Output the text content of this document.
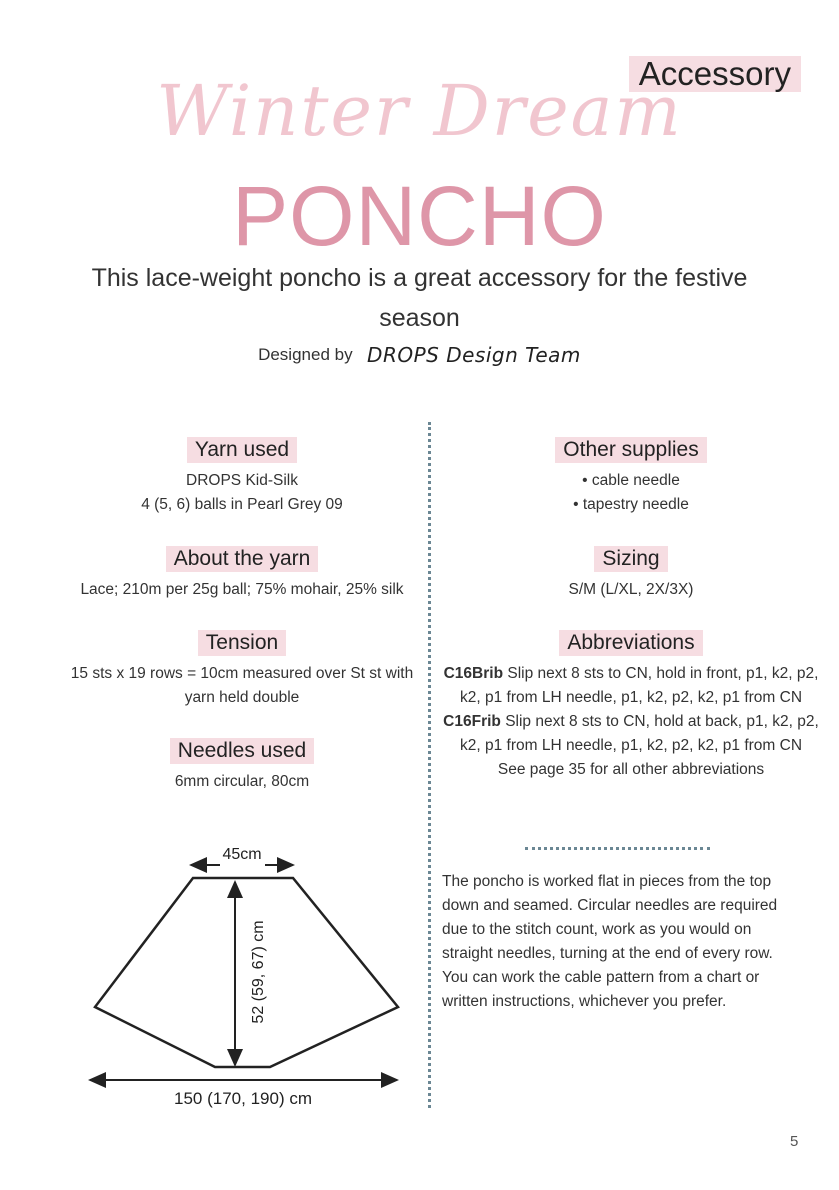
Accessory
Winter Dream
PONCHO
This lace-weight poncho is a great accessory for the festive season
Designed by DROPS Design Team
Yarn used

DROPS Kid-Silk

4 (5, 6) balls in Pearl Grey 09

About the yarn

Lace; 210m per 25g ball; 75% mohair, 25% silk

Tension

15 sts x 19 rows = 10cm measured over St st with yarn held double

Needles used

6mm circular, 80cm

Other supplies

• cable needle

• tapestry needle

Sizing

S/M (L/XL, 2X/3X)

Abbreviations
C16Brib Slip next 8 sts to CN, hold in front, p1, k2, p2, k2, p1 from LH needle, p1, k2, p2, k2, p1 from CN
C16Frib Slip next 8 sts to CN, hold at back, p1, k2, p2, k2, p1 from LH needle, p1, k2, p2, k2, p1 from CN
See page 35 for all other abbreviations
The poncho is worked flat in pieces from the top down and seamed. Circular needles are required due to the stitch count, work as you would on straight needles, turning at the end of every row. You can work the cable pattern from a chart or written instructions, whichever you prefer.
45cm
52 (59, 67) cm
150 (170, 190) cm
5
